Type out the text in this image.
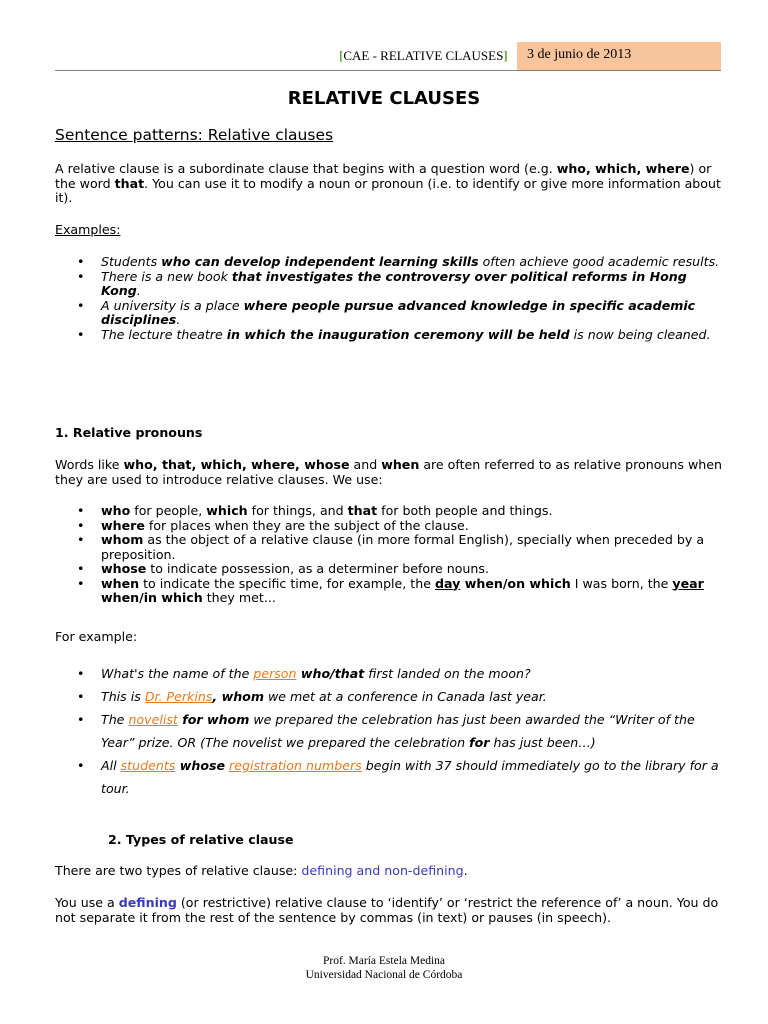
[CAE - RELATIVE CLAUSES]	3 de junio de 2013
RELATIVE CLAUSES
Sentence patterns: Relative clauses
A relative clause is a subordinate clause that begins with a question word (e.g. who, which, where) or the word that. You can use it to modify a noun or pronoun (i.e. to identify or give more information about it).
Examples:
• Students who can develop independent learning skills often achieve good academic results.
• There is a new book that investigates the controversy over political reforms in Hong Kong.
• A university is a place where people pursue advanced knowledge in specific academic disciplines.
• The lecture theatre in which the inauguration ceremony will be held is now being cleaned.
1. Relative pronouns
Words like who, that, which, where, whose and when are often referred to as relative pronouns when they are used to introduce relative clauses. We use:
• who for people, which for things, and that for both people and things.
• where for places when they are the subject of the clause.
• whom as the object of a relative clause (in more formal English), specially when preceded by a preposition.
• whose to indicate possession, as a determiner before nouns.
• when to indicate the specific time, for example, the day when/on which I was born, the year when/in which they met...
For example:
• What's the name of the person who/that first landed on the moon?
• This is Dr. Perkins, whom we met at a conference in Canada last year.
• The novelist for whom we prepared the celebration has just been awarded the “Writer of the Year” prize. OR (The novelist we prepared the celebration for has just been…)
• All students whose registration numbers begin with 37 should immediately go to the library for a tour.
2. Types of relative clause
There are two types of relative clause: defining and non-defining.
You use a defining (or restrictive) relative clause to ‘identify’ or ‘restrict the reference of’ a noun. You do not separate it from the rest of the sentence by commas (in text) or pauses (in speech).
Prof. María Estela Medina
Universidad Nacional de Córdoba
